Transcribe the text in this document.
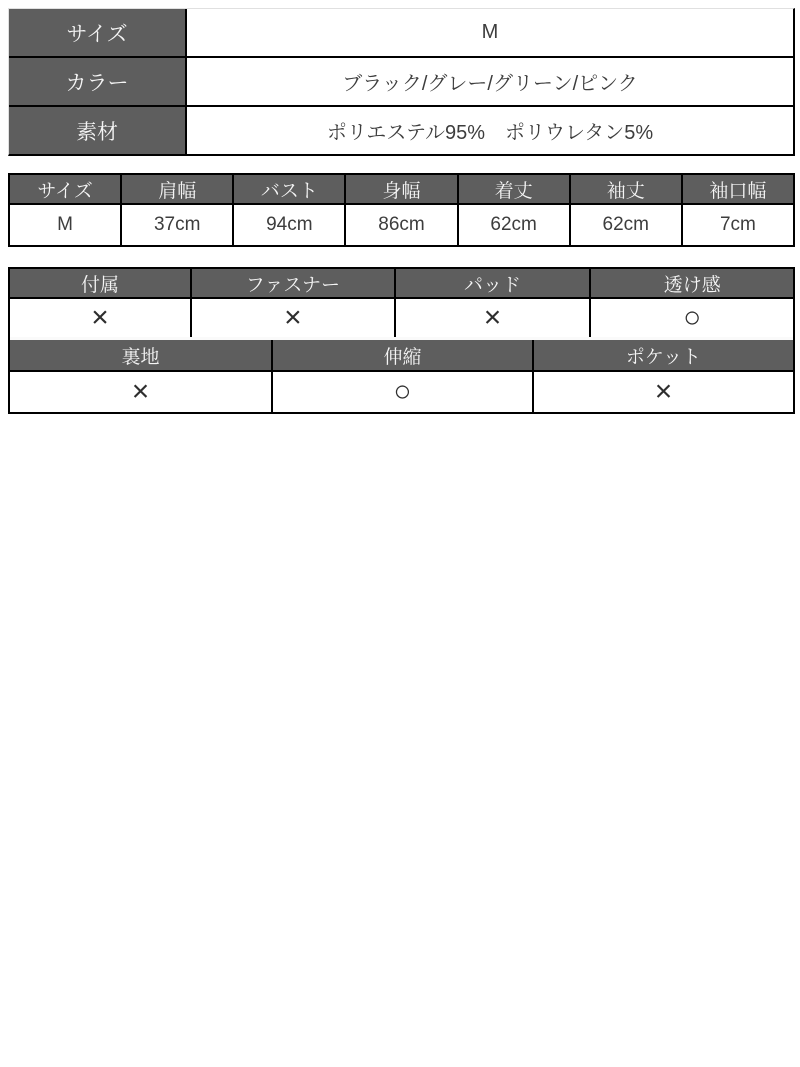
サイズ	M
カラー	ブラック/グレー/グリーン/ピンク
素材	ポリエステル95%　ポリウレタン5%
サイズ	肩幅	バスト	身幅	着丈	袖丈	袖口幅
M	37cm	94cm	86cm	62cm	62cm	7cm
付属	ファスナー	パッド	透け感
×	×	×	○
裏地	伸縮	ポケット
×	○	×
